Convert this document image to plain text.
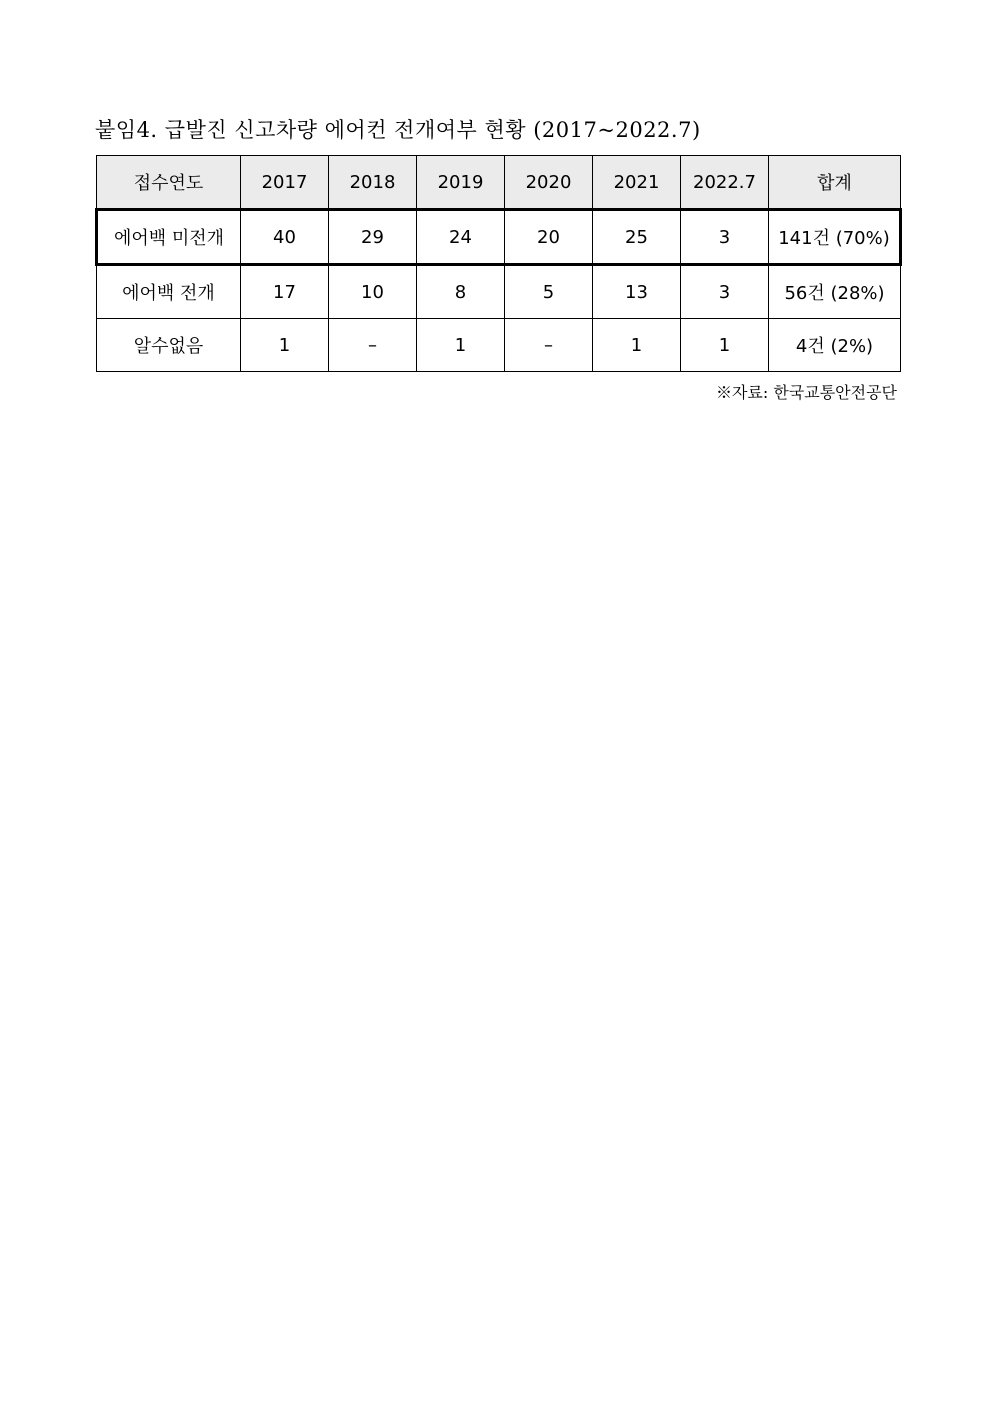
붙임4. 급발진 신고차량 에어컨 전개여부 현황 (2017~2022.7)
접수연도	2017	2018	2019	2020	2021	2022.7	합계
에어백 미전개	40	29	24	20	25	3	141건 (70%)
에어백 전개	17	10	8	5	13	3	56건 (28%)
알수없음	1	–	1	–	1	1	4건 (2%)
※자료: 한국교통안전공단
